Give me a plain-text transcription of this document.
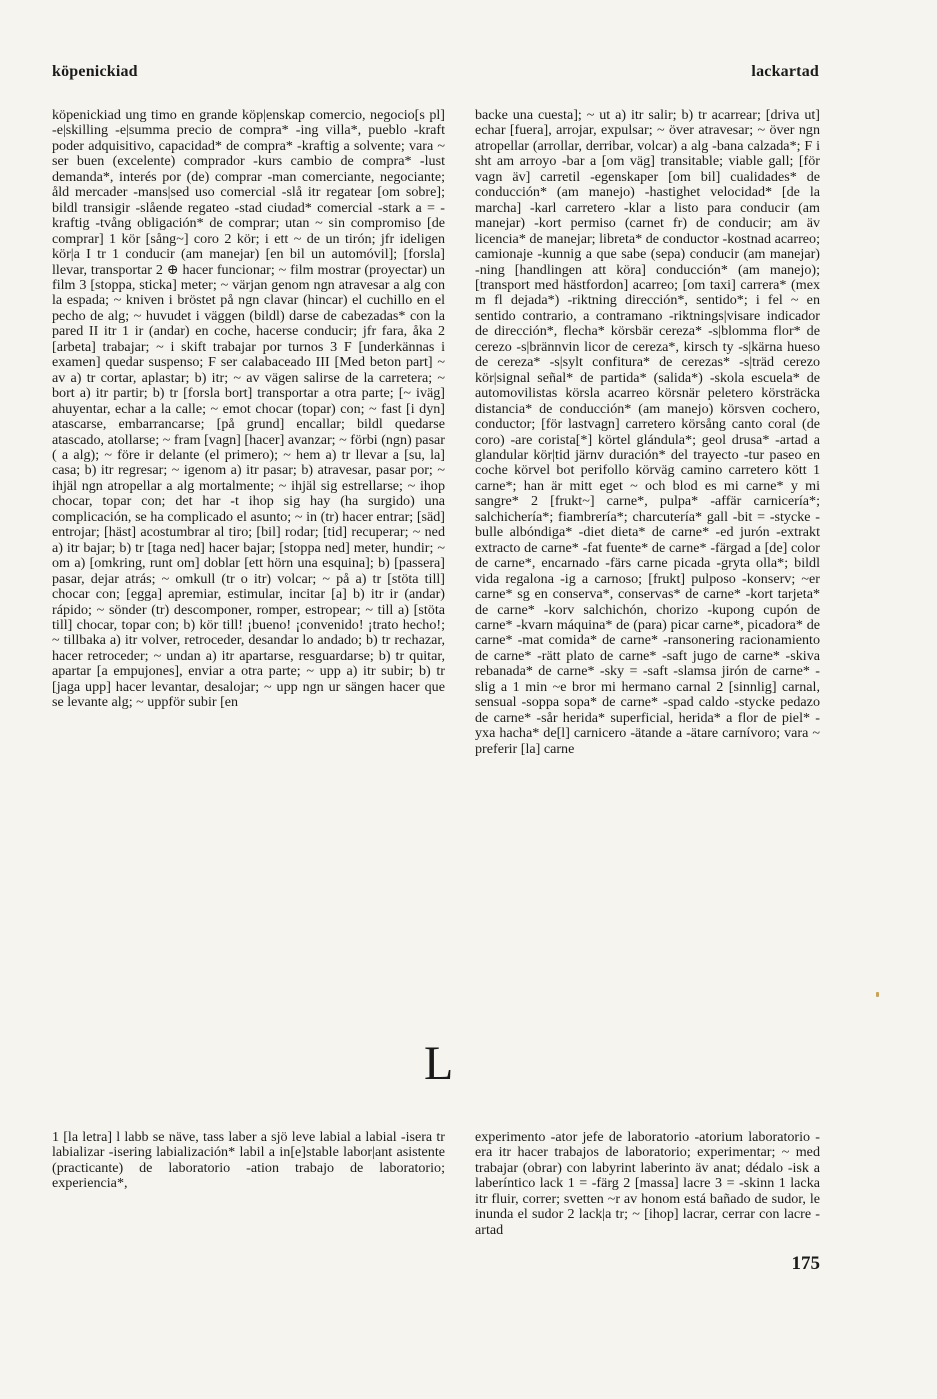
köpenickiad	lackartad

köpenickiad ung timo en grande köp|enskap comercio, negocio[s pl] -e|skilling -e|summa precio de compra* -ing villa*, pueblo -kraft poder adquisitivo, capacidad* de compra* -kraftig a solvente; vara ~ ser buen (excelente) comprador -kurs cambio de compra* -lust demanda*, interés por (de) comprar -man comerciante, negociante; åld mercader -mans|sed uso comercial -slå itr regatear [om sobre]; bildl transigir -slående regateo -stad ciudad* comercial -stark a = -kraftig -tvång obligación* de comprar; utan ~ sin compromiso [de comprar] 1 kör [sång~] coro 2 kör; i ett ~ de un tirón; jfr ideligen kör|a I tr 1 conducir (am manejar) [en bil un automóvil]; [forsla] llevar, transportar 2 ⊕ hacer funcionar; ~ film mostrar (proyectar) un film 3 [stoppa, sticka] meter; ~ värjan genom ngn atravesar a alg con la espada; ~ kniven i bröstet på ngn clavar (hincar) el cuchillo en el pecho de alg; ~ huvudet i väggen (bildl) darse de cabezadas* con la pared II itr 1 ir (andar) en coche, hacerse conducir; jfr fara, åka 2 [arbeta] trabajar; ~ i skift trabajar por turnos 3 F [underkännas i examen] quedar suspenso; F ser calabaceado III [Med beton part] ~ av a) tr cortar, aplastar; b) itr; ~ av vägen salirse de la carretera; ~ bort a) itr partir; b) tr [forsla bort] transportar a otra parte; [~ iväg] ahuyentar, echar a la calle; ~ emot chocar (topar) con; ~ fast [i dyn] atascarse, embarrancarse; [på grund] encallar; bildl quedarse atascado, atollarse; ~ fram [vagn] [hacer] avanzar; ~ förbi (ngn) pasar ( a alg); ~ före ir delante (el primero); ~ hem a) tr llevar a [su, la] casa; b) itr regresar; ~ igenom a) itr pasar; b) atravesar, pasar por; ~ ihjäl ngn atropellar a alg mortalmente; ~ ihjäl sig estrellarse; ~ ihop chocar, topar con; det har -t ihop sig hay (ha surgido) una complicación, se ha complicado el asunto; ~ in (tr) hacer entrar; [säd] entrojar; [häst] acostumbrar al tiro; [bil] rodar; [tid] recuperar; ~ ned a) itr bajar; b) tr [taga ned] hacer bajar; [stoppa ned] meter, hundir; ~ om a) [omkring, runt om] doblar [ett hörn una esquina]; b) [passera] pasar, dejar atrás; ~ omkull (tr o itr) volcar; ~ på a) tr [stöta till] chocar con; [egga] apremiar, estimular, incitar [a] b) itr ir (andar) rápido; ~ sönder (tr) descomponer, romper, estropear; ~ till a) [stöta till] chocar, topar con; b) kör till! ¡bueno! ¡convenido! ¡trato hecho!; ~ tillbaka a) itr volver, retroceder, desandar lo andado; b) tr rechazar, hacer retroceder; ~ undan a) itr apartarse, resguardarse; b) tr quitar, apartar [a empujones], enviar a otra parte; ~ upp a) itr subir; b) tr [jaga upp] hacer levantar, desalojar; ~ upp ngn ur sängen hacer que se levante alg; ~ uppför subir [en

backe una cuesta]; ~ ut a) itr salir; b) tr acarrear; [driva ut] echar [fuera], arrojar, expulsar; ~ över atravesar; ~ över ngn atropellar (arrollar, derribar, volcar) a alg -bana calzada*; F i sht am arroyo -bar a [om väg] transitable; viable gall; [för vagn äv] carretil -egenskaper [om bil] cualidades* de conducción* (am manejo) -hastighet velocidad* [de la marcha] -karl carretero -klar a listo para conducir (am manejar) -kort permiso (carnet fr) de conducir; am äv licencia* de manejar; libreta* de conductor -kostnad acarreo; camionaje -kunnig a que sabe (sepa) conducir (am manejar) -ning [handlingen att köra] conducción* (am manejo); [transport med hästfordon] acarreo; [om taxi] carrera* (mex m fl dejada*) -riktning dirección*, sentido*; i fel ~ en sentido contrario, a contramano -riktnings|visare indicador de dirección*, flecha* körsbär cereza* -s|blomma flor* de cerezo -s|brännvin licor de cereza*, kirsch ty -s|kärna hueso de cereza* -s|sylt confitura* de cerezas* -s|träd cerezo kör|signal señal* de partida* (salida*) -skola escuela* de automovilistas körsla acarreo körsnär peletero körsträcka distancia* de conducción* (am manejo) körsven cochero, conductor; [för lastvagn] carretero körsång canto coral (de coro) -are corista[*] körtel glándula*; geol drusa* -artad a glandular kör|tid järnv duración* del trayecto -tur paseo en coche körvel bot perifollo körväg camino carretero kött 1 carne*; han är mitt eget ~ och blod es mi carne* y mi sangre* 2 [frukt~] carne*, pulpa* -affär carnicería*; salchichería*; fiambrería*; charcutería* gall -bit = -stycke -bulle albóndiga* -diet dieta* de carne* -ed jurón -extrakt extracto de carne* -fat fuente* de carne* -färgad a [de] color de carne*, encarnado -färs carne picada -gryta olla*; bildl vida regalona -ig a carnoso; [frukt] pulposo -konserv; ~er carne* sg en conserva*, conservas* de carne* -kort tarjeta* de carne* -korv salchichón, chorizo -kupong cupón de carne* -kvarn máquina* de (para) picar carne*, picadora* de carne* -mat comida* de carne* -ransonering racionamiento de carne* -rätt plato de carne* -saft jugo de carne* -skiva rebanada* de carne* -sky = -saft -slamsa jirón de carne* -slig a 1 min ~e bror mi hermano carnal 2 [sinnlig] carnal, sensual -soppa sopa* de carne* -spad caldo -stycke pedazo de carne* -sår herida* superficial, herida* a flor de piel* -yxa hacha* de[l] carnicero -ätande a -ätare carnívoro; vara ~ preferir [la] carne

L

1 [la letra] l labb se näve, tass laber a sjö leve labial a labial -isera tr labializar -isering labialización* labil a in[e]stable labor|ant asistente (practicante) de laboratorio -ation trabajo de laboratorio; experiencia*,

experimento -ator jefe de laboratorio -atorium laboratorio -era itr hacer trabajos de laboratorio; experimentar; ~ med trabajar (obrar) con labyrint laberinto äv anat; dédalo -isk a laberíntico lack 1 = -färg 2 [massa] lacre 3 = -skinn 1 lacka itr fluir, correr; svetten ~r av honom está bañado de sudor, le inunda el sudor 2 lack|a tr; ~ [ihop] lacrar, cerrar con lacre -artad

175
